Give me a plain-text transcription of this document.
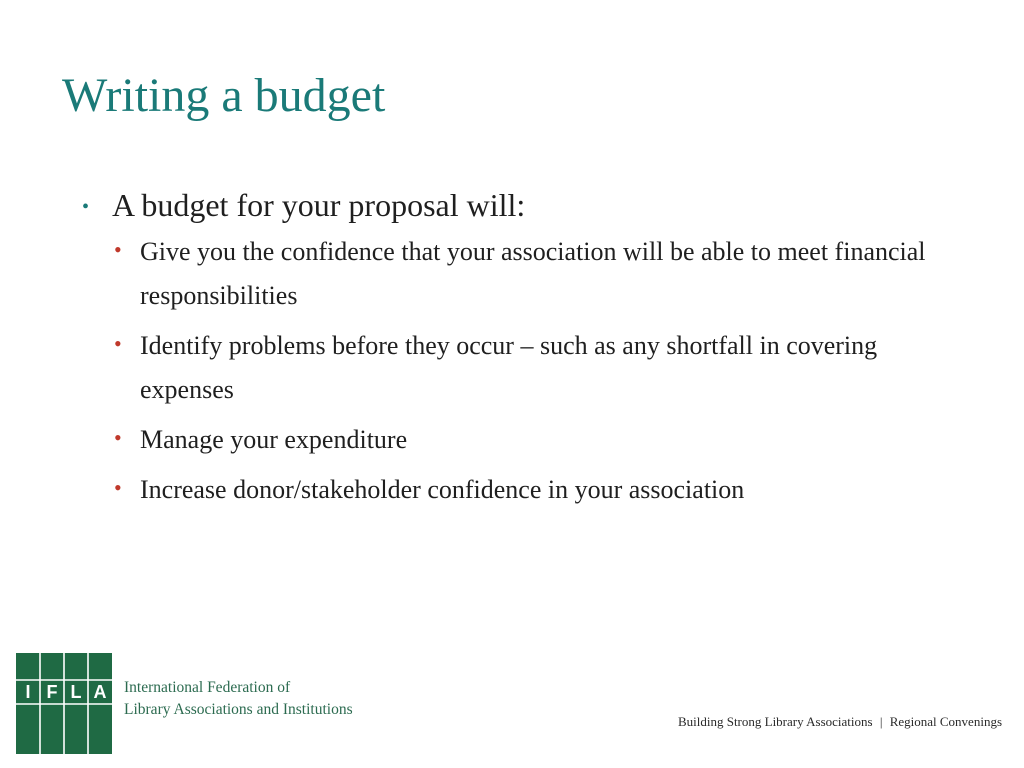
Writing a budget
• A budget for your proposal will:
• Give you the confidence that your association will be able to meet financial responsibilities
• Identify problems before they occur – such as any shortfall in covering expenses
• Manage your expenditure
• Increase donor/stakeholder confidence in your association
I F L A International Federation of
Library Associations and Institutions
Building Strong Library Associations | Regional Convenings
